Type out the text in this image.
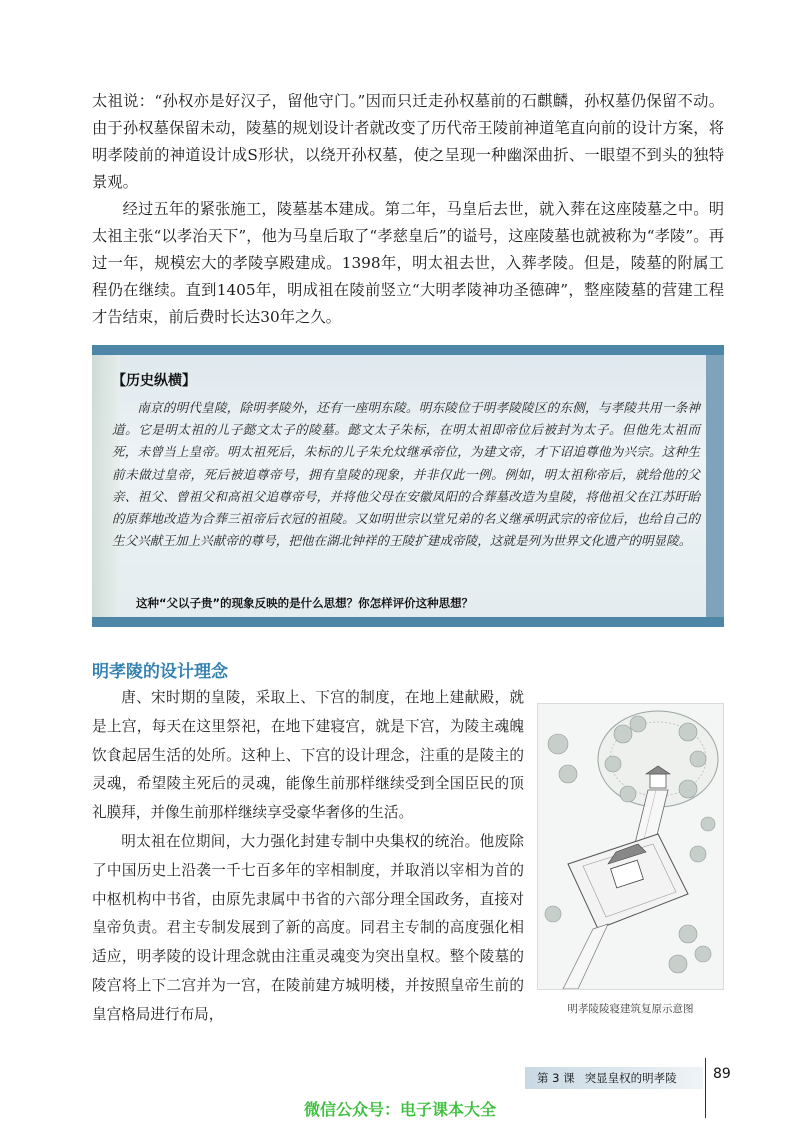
太祖说：“孙权亦是好汉子，留他守门。”因而只迁走孙权墓前的石麒麟，孙权墓仍保留不动。由于孙权墓保留未动，陵墓的规划设计者就改变了历代帝王陵前神道笔直向前的设计方案，将明孝陵前的神道设计成S形状，以绕开孙权墓，使之呈现一种幽深曲折、一眼望不到头的独特景观。

经过五年的紧张施工，陵墓基本建成。第二年，马皇后去世，就入葬在这座陵墓之中。明太祖主张“以孝治天下”，他为马皇后取了“孝慈皇后”的谥号，这座陵墓也就被称为“孝陵”。再过一年，规模宏大的孝陵享殿建成。1398年，明太祖去世，入葬孝陵。但是，陵墓的附属工程仍在继续。直到1405年，明成祖在陵前竖立“大明孝陵神功圣德碑”，整座陵墓的营建工程才告结束，前后费时长达30年之久。

【历史纵横】

南京的明代皇陵，除明孝陵外，还有一座明东陵。明东陵位于明孝陵陵区的东侧，与孝陵共用一条神道。它是明太祖的儿子懿文太子的陵墓。懿文太子朱标，在明太祖即帝位后被封为太子。但他先太祖而死，未曾当上皇帝。明太祖死后，朱标的儿子朱允炆继承帝位，为建文帝，才下诏追尊他为兴宗。这种生前未做过皇帝，死后被追尊帝号，拥有皇陵的现象，并非仅此一例。例如，明太祖称帝后，就给他的父亲、祖父、曾祖父和高祖父追尊帝号，并将他父母在安徽凤阳的合葬墓改造为皇陵，将他祖父在江苏盱眙的原葬地改造为合葬三祖帝后衣冠的祖陵。又如明世宗以堂兄弟的名义继承明武宗的帝位后，也给自己的生父兴献王加上兴献帝的尊号，把他在湖北钟祥的王陵扩建成帝陵，这就是列为世界文化遗产的明显陵。

这种“父以子贵”的现象反映的是什么思想？你怎样评价这种思想？
明孝陵的设计理念

唐、宋时期的皇陵，采取上、下宫的制度，在地上建献殿，就是上宫，每天在这里祭祀，在地下建寝宫，就是下宫，为陵主魂魄饮食起居生活的处所。这种上、下宫的设计理念，注重的是陵主的灵魂，希望陵主死后的灵魂，能像生前那样继续受到全国臣民的顶礼膜拜，并像生前那样继续享受豪华奢侈的生活。

明太祖在位期间，大力强化封建专制中央集权的统治。他废除了中国历史上沿袭一千七百多年的宰相制度，并取消以宰相为首的中枢机构中书省，由原先隶属中书省的六部分理全国政务，直接对皇帝负责。君主专制发展到了新的高度。同君主专制的高度强化相适应，明孝陵的设计理念就由注重灵魂变为突出皇权。整个陵墓的陵宫将上下二宫并为一宫，在陵前建方城明楼，并按照皇帝生前的皇宫格局进行布局，	明孝陵陵寝建筑复原示意图
第 3 课 突显皇权的明孝陵	89
微信公众号：电子课本大全
